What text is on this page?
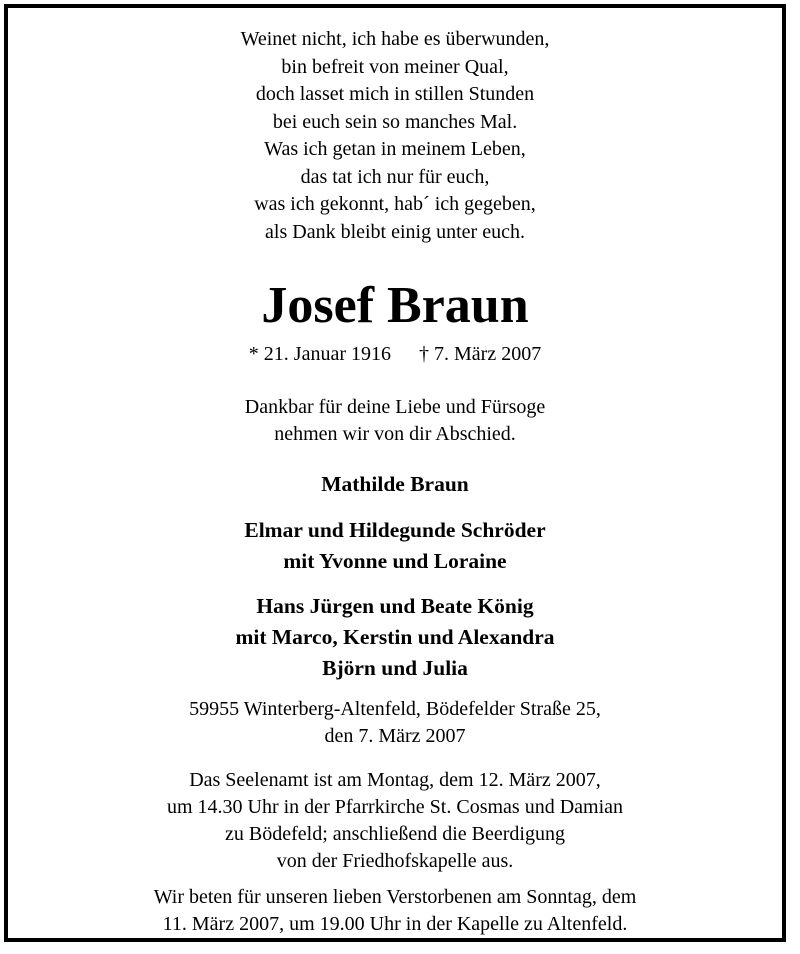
Weinet nicht, ich habe es überwunden,
bin befreit von meiner Qual,
doch lasset mich in stillen Stunden
bei euch sein so manches Mal.
Was ich getan in meinem Leben,
das tat ich nur für euch,
was ich gekonnt, hab´ ich gegeben,
als Dank bleibt einig unter euch.
Josef Braun
* 21. Januar 1916 † 7. März 2007
Dankbar für deine Liebe und Fürsoge
nehmen wir von dir Abschied.
Mathilde Braun
Elmar und Hildegunde Schröder
mit Yvonne und Loraine
Hans Jürgen und Beate König
mit Marco, Kerstin und Alexandra
Björn und Julia
59955 Winterberg-Altenfeld, Bödefelder Straße 25,
den 7. März 2007
Das Seelenamt ist am Montag, dem 12. März 2007,
um 14.30 Uhr in der Pfarrkirche St. Cosmas und Damian
zu Bödefeld; anschließend die Beerdigung
von der Friedhofskapelle aus.
Wir beten für unseren lieben Verstorbenen am Sonntag, dem
11. März 2007, um 19.00 Uhr in der Kapelle zu Altenfeld.
